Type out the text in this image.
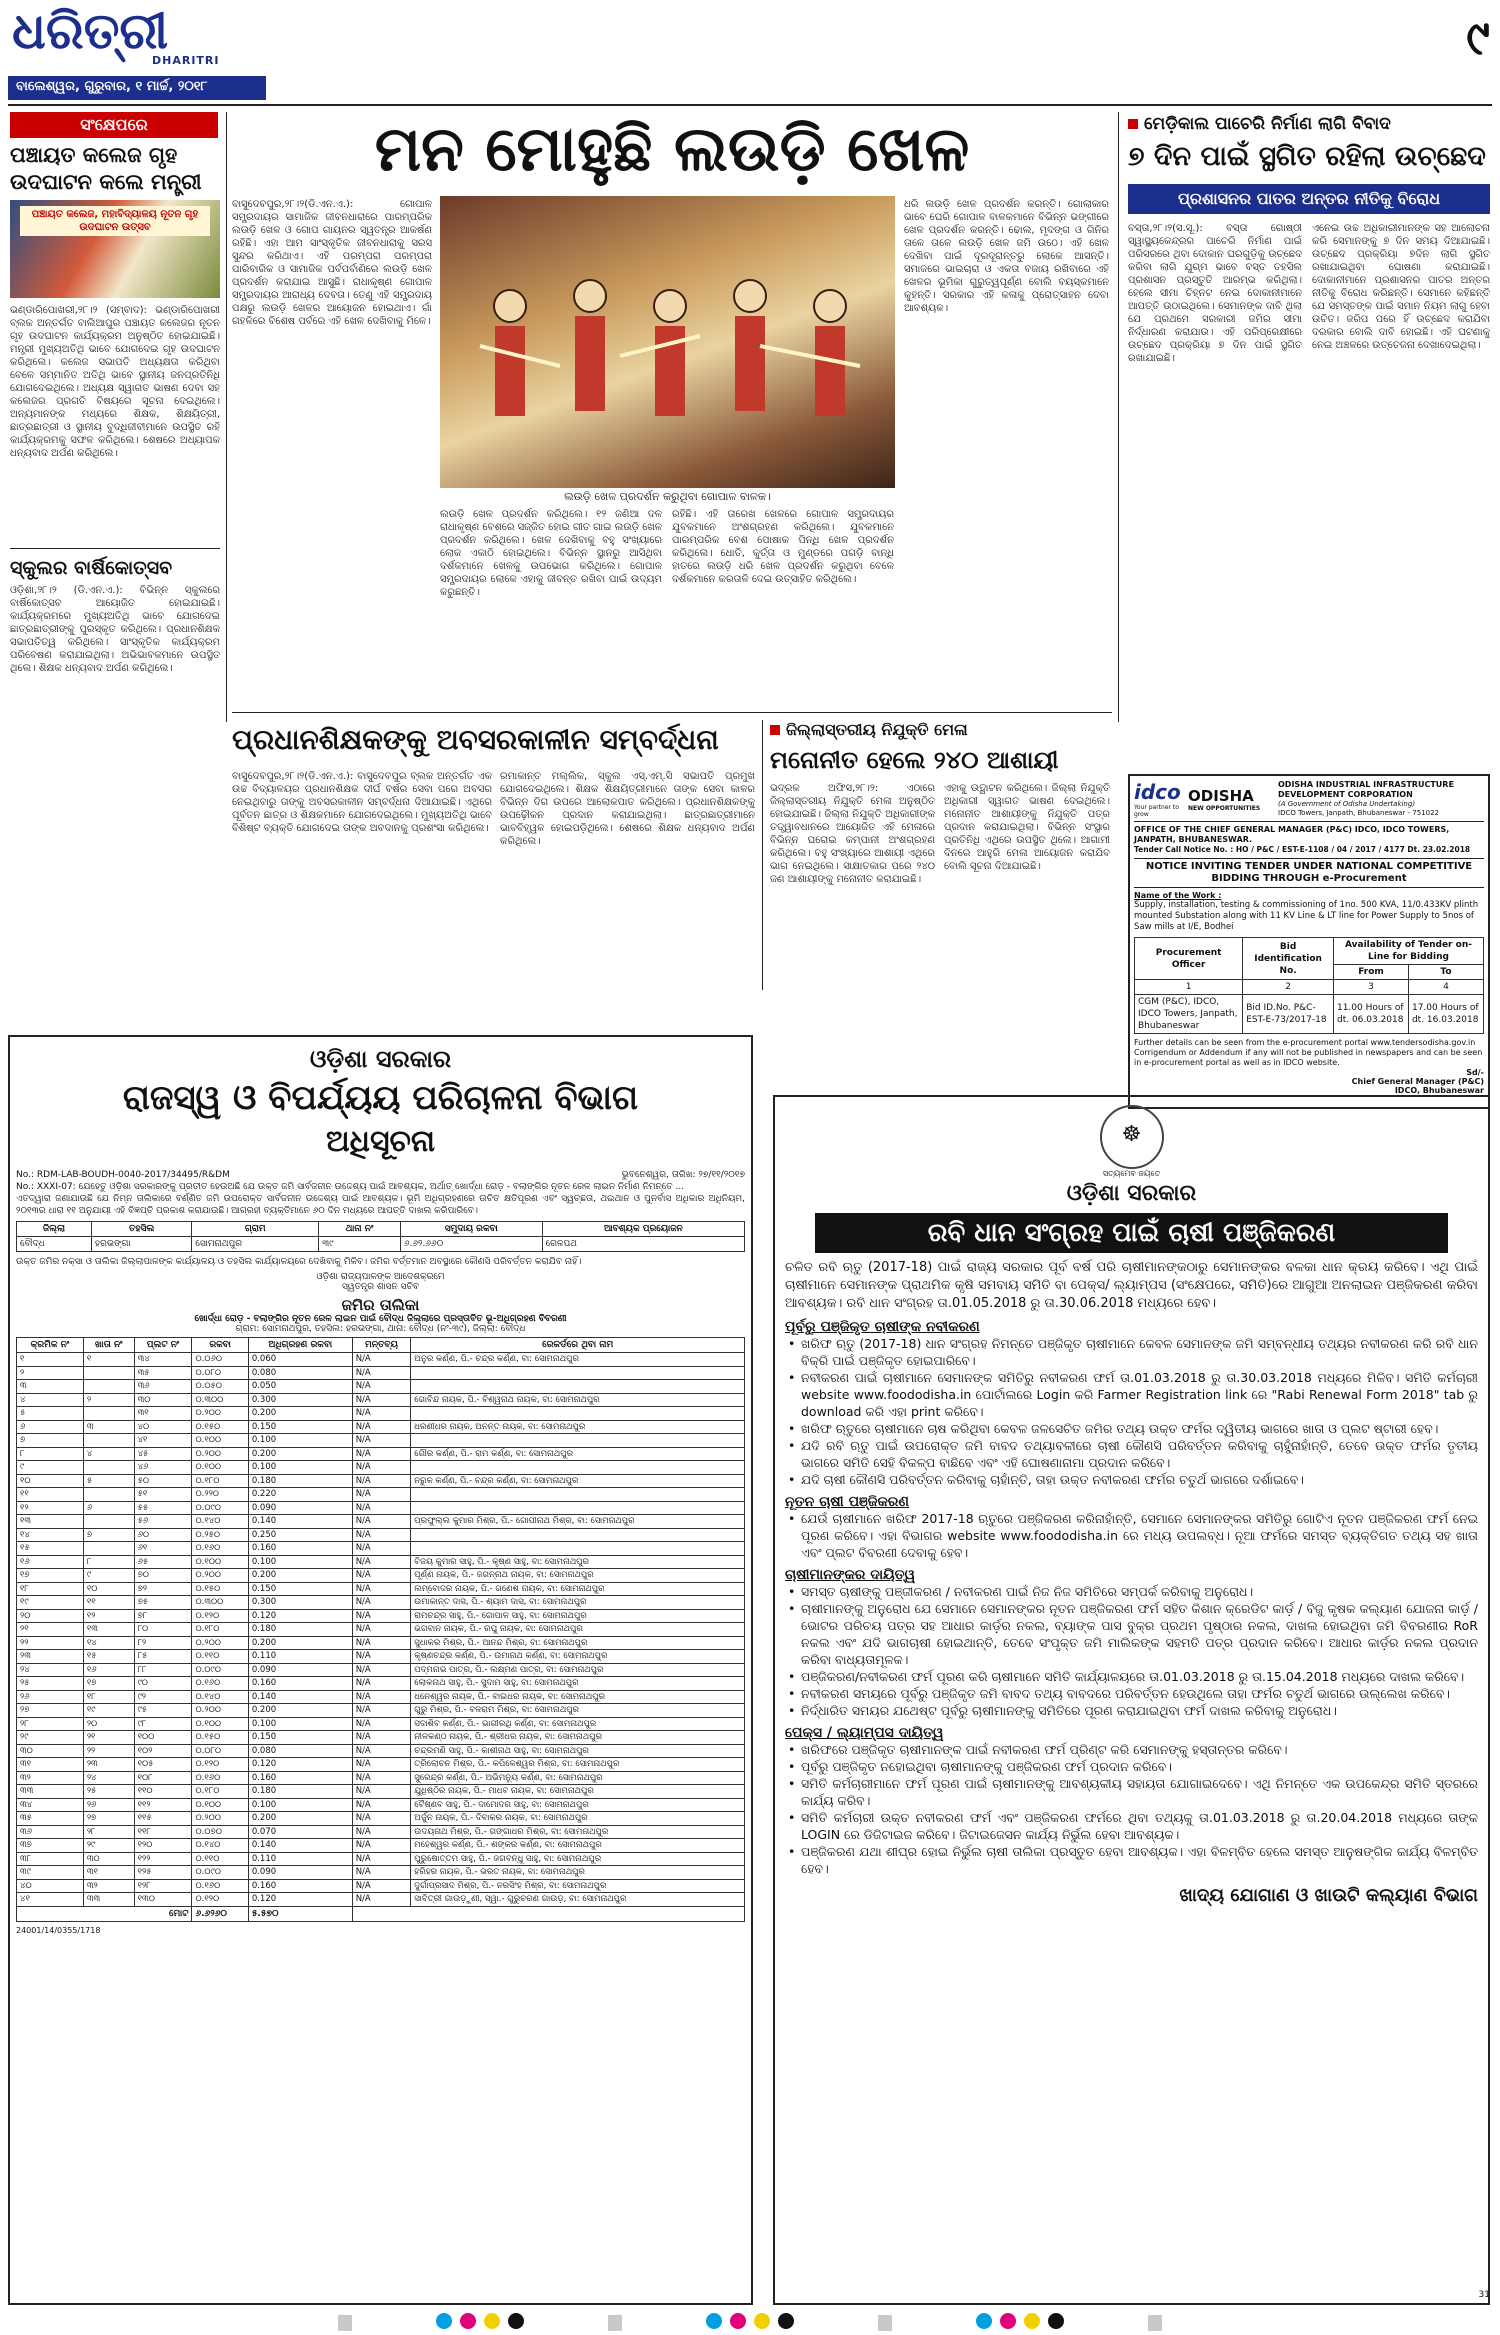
ଧରିତ୍ରୀ
DHARITRI
ବାଲେଶ୍ୱର, ଗୁରୁବାର, ୧ ମାର୍ଚ୍ଚ, ୨୦୧୮
୯
ସଂକ୍ଷେପରେ
ପଞ୍ଚାୟତ କଲେଜ ଗୃହ ଉଦଘାଟନ କଲେ ମନ୍ତ୍ରୀ
ପଞ୍ଚାୟତ କଲେଜ, ମହାବିଦ୍ୟାଳୟ ନୂତନ ଗୃହ ଉଦଘାଟନ ଉତ୍ସବ
ଭଣ୍ଡାରିପୋଖରୀ,୨୮।୨ (ସମ୍ବାଦ): ଭଣ୍ଡାରିପୋଖରୀ ବ୍ଲକ ଅନ୍ତର୍ଗତ ବାଲିଆପୁର ପଞ୍ଚାୟତ କଲେଜର ନୂତନ ଗୃହ ଉଦଘାଟନ କାର୍ଯ୍ୟକ୍ରମ ଅନୁଷ୍ଠିତ ହୋଇଯାଇଛି। ମନ୍ତ୍ରୀ ମୁଖ୍ୟଅତିଥି ଭାବେ ଯୋଗଦେଇ ଗୃହ ଉଦଘାଟନ କରିଥିଲେ। କଲେଜ ସଭାପତି ଅଧ୍ୟକ୍ଷତା କରିଥିବା ବେଳେ ସମ୍ମାନିତ ଅତିଥି ଭାବେ ସ୍ଥାନୀୟ ଜନପ୍ରତିନିଧି ଯୋଗଦେଇଥିଲେ। ଅଧ୍ୟକ୍ଷ ସ୍ୱାଗତ ଭାଷଣ ଦେବା ସହ କଲେଜର ପ୍ରଗତି ବିଷୟରେ ସୂଚନା ଦେଇଥିଲେ। ଅନ୍ୟମାନଙ୍କ ମଧ୍ୟରେ ଶିକ୍ଷକ, ଶିକ୍ଷୟିତ୍ରୀ, ଛାତ୍ରଛାତ୍ରୀ ଓ ସ୍ଥାନୀୟ ବୁଦ୍ଧିଜୀବୀମାନେ ଉପସ୍ଥିତ ରହି କାର୍ଯ୍ୟକ୍ରମକୁ ସଫଳ କରିଥିଲେ। ଶେଷରେ ଅଧ୍ୟାପକ ଧନ୍ୟବାଦ ଅର୍ପଣ କରିଥିଲେ।
ସ୍କୁଲର ବାର୍ଷିକୋତ୍ସବ
ଓଡ଼ିଶା,୨୮।୨ (ଡି.ଏନ.ଏ.): ବିଭିନ୍ନ ସ୍କୁଲରେ ବାର୍ଷିକୋତ୍ସବ ଆୟୋଜିତ ହୋଇଯାଇଛି। କାର୍ଯ୍ୟକ୍ରମରେ ମୁଖ୍ୟଅତିଥି ଭାବେ ଯୋଗଦେଇ ଛାତ୍ରଛାତ୍ରୀଙ୍କୁ ପୁରସ୍କୃତ କରିଥିଲେ। ପ୍ରଧାନଶିକ୍ଷକ ସଭାପତିତ୍ୱ କରିଥିଲେ। ସାଂସ୍କୃତିକ କାର୍ଯ୍ୟକ୍ରମ ପରିବେଷଣ କରାଯାଇଥିଲା। ଅଭିଭାବକମାନେ ଉପସ୍ଥିତ ଥିଲେ। ଶିକ୍ଷକ ଧନ୍ୟବାଦ ଅର୍ପଣ କରିଥିଲେ।
ମନ ମୋହୁଛି ଲଉଡ଼ି ଖେଳ
ବାସୁଦେବପୁର,୨୮।୨(ଡି.ଏନ.ଏ.): ଗୋପାଳ ସମ୍ପ୍ରଦାୟର ସାମାଜିକ ଜୀବନଧାରାରେ ପାରମ୍ପରିକ ଲଉଡ଼ି ଖେଳ ଓ ଗୋପ ଗାୟନର ସ୍ୱତନ୍ତ୍ର ଆକର୍ଷଣ ରହିଛି। ଏହା ଆମ ସାଂସ୍କୃତିକ ଜୀବନଧାରାକୁ ସରସ ସୁନ୍ଦର କରିଥାଏ। ଏହି ପରମ୍ପରା ପରମ୍ପରା ପାରିବାରିକ ଓ ସାମାଜିକ ପର୍ବପର୍ବାଣିରେ ଲଉଡ଼ି ଖେଳ ପ୍ରଦର୍ଶନ କରାଯାଇ ଆସୁଛି। ରାଧାକୃଷ୍ଣ ଗୋପାଳ ସମ୍ପ୍ରଦାୟର ଆରାଧ୍ୟ ଦେବତା। ତେଣୁ ଏହି ସମ୍ପ୍ରଦାୟ ପକ୍ଷରୁ ଲଉଡ଼ି ଖେଳର ଆୟୋଜନ ହୋଇଥାଏ। ଗାଁ ଗହଳିରେ ବିଶେଷ ପର୍ବରେ ଏହି ଖେଳ ଦେଖିବାକୁ ମିଳେ।
ଲଉଡ଼ି ଖେଳ ପ୍ରଦର୍ଶନ କରୁଥିବା ଗୋପାଳ ବାଳକ।
ଲଉଡ଼ି ଖେଳ ପ୍ରଦର୍ଶନ କରିଥିଲେ। ୧୨ ଜଣିଆ ଦଳ ରାଧାକୃଷ୍ଣ ବେଶରେ ସଜ୍ଜିତ ହୋଇ ଗୀତ ଗାଇ ଲଉଡ଼ି ଖେଳ ପ୍ରଦର୍ଶନ କରିଥିଲେ। ଖେଳ ଦେଖିବାକୁ ବହୁ ସଂଖ୍ୟାରେ ଲୋକ ଏକାଠି ହୋଇଥିଲେ। ବିଭିନ୍ନ ସ୍ଥାନରୁ ଆସିଥିବା ଦର୍ଶକମାନେ ଖେଳକୁ ଉପଭୋଗ କରିଥିଲେ। ଗୋପାଳ ସମ୍ପ୍ରଦାୟର ଲୋକେ ଏହାକୁ ଜୀବନ୍ତ ରଖିବା ପାଇଁ ଉଦ୍ୟମ କରୁଛନ୍ତି।
ରହିଛି। ଏହି ତାରେଖ ଖେଳରେ ଗୋପାଳ ସମ୍ପ୍ରଦାୟର ଯୁବକମାନେ ଅଂଶଗ୍ରହଣ କରିଥିଲେ। ଯୁବକମାନେ ପାରମ୍ପରିକ ବେଶ ପୋଷାକ ପିନ୍ଧି ଖେଳ ପ୍ରଦର୍ଶନ କରିଥିଲେ। ଧୋତି, କୁର୍ତ୍ତା ଓ ମୁଣ୍ଡରେ ପଗଡ଼ି ବାନ୍ଧି ହାତରେ ଲଉଡ଼ି ଧରି ଖେଳ ପ୍ରଦର୍ଶନ କରୁଥିବା ବେଳେ ଦର୍ଶକମାନେ କରତାଳି ଦେଇ ଉତ୍ସାହିତ କରିଥିଲେ।
ଧରି ଲଉଡ଼ି ଖେଳ ପ୍ରଦର୍ଶନ କରନ୍ତି। ଗୋଲାକାର ଭାବେ ଘେରି ଗୋପାଳ ବାଳକମାନେ ବିଭିନ୍ନ ଭଙ୍ଗୀରେ ଖେଳ ପ୍ରଦର୍ଶନ କରନ୍ତି। ଢୋଲ, ମୃଦଙ୍ଗ ଓ ଗିନିର ତାଳେ ତାଳେ ଲଉଡ଼ି ଖେଳ ଜମି ଉଠେ। ଏହି ଖେଳ ଦେଖିବା ପାଇଁ ଦୂରଦୂରାନ୍ତରୁ ଲୋକେ ଆସନ୍ତି। ସମାଜରେ ଭାଇଚାରା ଓ ଏକତା ବଜାୟ ରଖିବାରେ ଏହି ଖେଳର ଭୂମିକା ଗୁରୁତ୍ୱପୂର୍ଣ୍ଣ ବୋଲି ବୟସ୍କମାନେ କୁହନ୍ତି। ସରକାର ଏହି କଳାକୁ ପ୍ରୋତ୍ସାହନ ଦେବା ଆବଶ୍ୟକ।
ମେଡ଼ିକାଲ ପାଚେରି ନିର୍ମାଣ ଲାଗି ବିବାଦ
୭ ଦିନ ପାଇଁ ସ୍ଥଗିତ ରହିଲା ଉଚ୍ଛେଦ
ପ୍ରଶାସନର ପାତର ଅନ୍ତର ନୀତିକୁ ବିରୋଧ
ବସ୍ତା,୨୮।୨(ସ.ସୂ.): ବସ୍ତା ଗୋଷ୍ଠୀ ସ୍ୱାସ୍ଥ୍ୟକେନ୍ଦ୍ରର ପାଚେରି ନିର୍ମାଣ ପାଇଁ ପରିସରରେ ଥିବା ଦୋକାନ ଘରଗୁଡ଼ିକୁ ଉଚ୍ଛେଦ କରିବା ଲାଗି ଯୁଗ୍ମ ଭାବେ ବସ୍ତ ତହସିଲ ପ୍ରଶାସନ ପ୍ରସ୍ତୁତି ଆରମ୍ଭ କରିଥିଲା। ହେଲେ ସୀମା ଚିହ୍ନଟ ନେଇ ଦୋକାନୀମାନେ ଆପତ୍ତି ଉଠାଇଥିଲେ। ସେମାନଙ୍କ ଦାବି ଥିଲା ଯେ ପ୍ରଥମେ ସରକାରୀ ଜମିର ସୀମା ନିର୍ଦ୍ଧାରଣ କରାଯାଉ। ଏହି ପରିପ୍ରେକ୍ଷୀରେ ଉଚ୍ଛେଦ ପ୍ରକ୍ରିୟା ୭ ଦିନ ପାଇଁ ସ୍ଥଗିତ ରଖାଯାଇଛି।
ଏନେଇ ଉଚ୍ଚ ଅଧିକାରୀମାନଙ୍କ ସହ ଆଲୋଚନା କରି ସେମାନଙ୍କୁ ୭ ଦିନ ସମୟ ଦିଆଯାଇଛି। ଉଚ୍ଛେଦ ପ୍ରକ୍ରିୟା ୭ଦିନ ଲାଗି ସ୍ଥଗିତ ରଖାଯାଇଥିବା ଘୋଷଣା କରାଯାଇଛି। ଦୋକାନୀମାନେ ପ୍ରଶାସନର ପାତର ଅନ୍ତର ନୀତିକୁ ବିରୋଧ କରିଛନ୍ତି। ସେମାନେ କହିଛନ୍ତି ଯେ ସମସ୍ତଙ୍କ ପାଇଁ ସମାନ ନିୟମ ଲାଗୁ ହେବା ଉଚିତ। ଜରିପ ପରେ ହିଁ ଉଚ୍ଛେଦ କରାଯିବା ଦରକାର ବୋଲି ଦାବି ହୋଇଛି। ଏହି ଘଟଣାକୁ ନେଇ ଅଞ୍ଚଳରେ ଉତ୍ତେଜନା ଦେଖାଦେଇଥିଲା।
ପ୍ରଧାନଶିକ୍ଷକଙ୍କୁ ଅବସରକାଳୀନ ସମ୍ବର୍ଦ୍ଧନା
ବାସୁଦେବପୁର,୨୮।୨(ଡି.ଏନ.ଏ.): ବାସୁଦେବପୁର ବ୍ଲକ ଅନ୍ତର୍ଗତ ଏକ ଉଚ୍ଚ ବିଦ୍ୟାଳୟର ପ୍ରଧାନଶିକ୍ଷକ ଦୀର୍ଘ ବର୍ଷର ସେବା ପରେ ଅବସର ନେଇଥିବାରୁ ତାଙ୍କୁ ଅବସରକାଳୀନ ସମ୍ବର୍ଦ୍ଧନା ଦିଆଯାଇଛି। ଏଥିରେ ପୂର୍ବତନ ଛାତ୍ର ଓ ଶିକ୍ଷକମାନେ ଯୋଗଦେଇଥିଲେ। ମୁଖ୍ୟଅତିଥି ଭାବେ ବିଶିଷ୍ଟ ବ୍ୟକ୍ତି ଯୋଗଦେଇ ତାଙ୍କ ଅବଦାନକୁ ପ୍ରଶଂସା କରିଥିଲେ।
ରମାକାନ୍ତ ମଲ୍ଲିକ, ସ୍କୁଲ ଏସ୍.ଏମ୍.ସି ସଭାପତି ପ୍ରମୁଖ ଯୋଗଦେଇଥିଲେ। ଶିକ୍ଷକ ଶିକ୍ଷୟିତ୍ରୀମାନେ ତାଙ୍କ ସେବା କାଳର ବିଭିନ୍ନ ଦିଗ ଉପରେ ଆଲୋକପାତ କରିଥିଲେ। ପ୍ରଧାନଶିକ୍ଷକଙ୍କୁ ଉପଢ଼ୌକନ ପ୍ରଦାନ କରାଯାଇଥିଲା। ଛାତ୍ରଛାତ୍ରୀମାନେ ଭାବବିହ୍ୱଳ ହୋଇପଡ଼ିଥିଲେ। ଶେଷରେ ଶିକ୍ଷକ ଧନ୍ୟବାଦ ଅର୍ପଣ କରିଥିଲେ।
ଜିଲ୍ଲାସ୍ତରୀୟ ନିଯୁକ୍ତି ମେଳା
ମନୋନୀତ ହେଲେ ୨୪୦ ଆଶାୟୀ
ଭଦ୍ରକ ଅଫିସ,୨୮।୨: ଏଠାରେ ଜିଲ୍ଲାସ୍ତରୀୟ ନିଯୁକ୍ତି ମେଳା ଅନୁଷ୍ଠିତ ହୋଇଯାଇଛି। ଜିଲ୍ଲା ନିଯୁକ୍ତି ଅଧିକାରୀଙ୍କ ତତ୍ତ୍ୱାବଧାନରେ ଆୟୋଜିତ ଏହି ମେଳାରେ ବିଭିନ୍ନ ଘରୋଇ କମ୍ପାନୀ ଅଂଶଗ୍ରହଣ କରିଥିଲେ। ବହୁ ସଂଖ୍ୟାରେ ଆଶାୟୀ ଏଥିରେ ଭାଗ ନେଇଥିଲେ। ସାକ୍ଷାତକାର ପରେ ୨୪୦ ଜଣ ଆଶାୟୀଙ୍କୁ ମନୋନୀତ କରାଯାଇଛି।
ଏହାକୁ ଉଦ୍ଘାଟନ କରିଥିଲେ। ଜିଲ୍ଲା ନିଯୁକ୍ତି ଅଧିକାରୀ ସ୍ୱାଗତ ଭାଷଣ ଦେଇଥିଲେ। ମନୋନୀତ ଆଶାୟୀଙ୍କୁ ନିଯୁକ୍ତି ପତ୍ର ପ୍ରଦାନ କରାଯାଇଥିଲା। ବିଭିନ୍ନ ସଂସ୍ଥାର ପ୍ରତିନିଧି ଏଥିରେ ଉପସ୍ଥିତ ଥିଲେ। ଆଗାମୀ ଦିନରେ ଆହୁରି ମେଳା ଆୟୋଜନ କରାଯିବ ବୋଲି ସୂଚନା ଦିଆଯାଇଛି।
idco
Your partner to grow
ODISHA
NEW OPPORTUNITIES
ODISHA INDUSTRIAL INFRASTRUCTURE DEVELOPMENT CORPORATION
(A Government of Odisha Undertaking)
IDCO Towers, Janpath, Bhubaneswar - 751022
OFFICE OF THE CHIEF GENERAL MANAGER (P&C) IDCO, IDCO TOWERS, JANPATH, BHUBANESWAR.
Tender Call Notice No. : HO / P&C / EST-E-1108 / 04 / 2017 / 4177 Dt. 23.02.2018
NOTICE INVITING TENDER UNDER NATIONAL COMPETITIVE BIDDING THROUGH e-Procurement
Name of the Work :
Supply, installation, testing & commissioning of 1no. 500 KVA, 11/0.433KV plinth mounted Substation along with 11 KV Line & LT line for Power Supply to 5nos of Saw mills at I/E, Bodhei
Procurement Officer	Bid Identification No.	Availability of Tender on-Line for Bidding	
		From	To
1	2	3	4
CGM (P&C), IDCO, IDCO Towers, Janpath, Bhubaneswar	Bid ID.No. P&C-EST-E-73/2017-18	11.00 Hours of dt. 06.03.2018	17.00 Hours of dt. 16.03.2018
Further details can be seen from the e-procurement portal www.tendersodisha.gov.in Corrigendum or Addendum if any will not be published in newspapers and can be seen in e-procurement portal as well as in IDCO website.
Sd/-
Chief General Manager (P&C)
IDCO, Bhubaneswar
ଓଡ଼ିଶା ସରକାର
ରାଜସ୍ୱ ଓ ବିପର୍ଯ୍ୟୟ ପରିଚାଳନା ବିଭାଗ
ଅଧିସୂଚନା
No.: RDM-LAB-BOUDH-0040-2017/34495/R&DM	ଭୁବନେଶ୍ୱର, ତାରିଖ: ୨୭/୧୧/୨୦୧୭
No.: XXXI-07: ଯେହେତୁ ଓଡ଼ିଶା ସରକାରଙ୍କୁ ପ୍ରତୀତ ହେଉଅଛି ଯେ ଉକ୍ତ ଜମି ସାର୍ବଜନୀନ ଉଦ୍ଦେଶ୍ୟ ପାଇଁ ଆବଶ୍ୟକ, ଅର୍ଥାତ୍ ଖୋର୍ଦ୍ଧା ରୋଡ଼ - ବଲାଙ୍ଗିର ନୂତନ ରେଳ ଲାଇନ ନିର୍ମାଣ ନିମନ୍ତେ ...
ଏତଦ୍ୱାରା ଜଣାଯାଉଛି ଯେ ନିମ୍ନ ତାଲିକାରେ ବର୍ଣ୍ଣିତ ଜମି ଉପରୋକ୍ତ ସାର୍ବଜନୀନ ଉଦ୍ଦେଶ୍ୟ ପାଇଁ ଆବଶ୍ୟକ। ଭୂମି ଅଧିଗ୍ରହଣରେ ଉଚିତ କ୍ଷତିପୂରଣ ଏବଂ ସ୍ୱଚ୍ଛତା, ଥଇଥାନ ଓ ପୁନର୍ବାସ ଅଧିକାର ଅଧିନିୟମ, ୨୦୧୩ର ଧାରା ୧୧ ଅନୁଯାୟୀ ଏହି ବିଜ୍ଞପ୍ତି ପ୍ରକାଶ କରାଯାଉଛି। ଆଗ୍ରହୀ ବ୍ୟକ୍ତିମାନେ ୬୦ ଦିନ ମଧ୍ୟରେ ଆପତ୍ତି ଦାଖଲ କରିପାରିବେ।
ଜିଲ୍ଲା	ତହସିଲ	ଗ୍ରାମ	ଥାନା ନଂ	ସମୁଦାୟ ରକବା	ଆବଶ୍ୟକ ପ୍ରୟୋଜନ
ବୌଦ୍ଧ	ହରଭଙ୍ଗା	ସୋମନାଥପୁର	୩୯	୬.୬୨.୬୬୦	ରେଳପଥ
ଉକ୍ତ ଜମିର ନକ୍ସା ଓ ତାଲିକା ଜିଲ୍ଲାପାଳଙ୍କ କାର୍ଯ୍ୟାଳୟ ଓ ତହସିଲ କାର୍ଯ୍ୟାଳୟରେ ଦେଖିବାକୁ ମିଳିବ। ଜମିର ବର୍ତ୍ତମାନ ଅବସ୍ଥାରେ କୌଣସି ପରିବର୍ତ୍ତନ କରାଯିବ ନାହିଁ।
ଓଡ଼ିଶା ରାଜ୍ୟପାଳଙ୍କ ଆଦେଶକ୍ରମେ
ସ୍ୱତନ୍ତ୍ର ଶାସନ ସଚିବ
ଜମିର ତାଲିକା
ଖୋର୍ଦ୍ଧା ରୋଡ଼ - ବଲାଙ୍ଗିର ନୂତନ ରେଳ ଲାଇନ ପାଇଁ ବୌଦ୍ଧ ଜିଲ୍ଲାରେ ପ୍ରସ୍ତାବିତ ଭୂ-ଅଧିଗ୍ରହଣ ବିବରଣୀ
ଗ୍ରାମ: ସୋମନାଥପୁର, ତହସିଲ: ହରଭଙ୍ଗା, ଥାନା: ବୌଦ୍ଧ (ନଂ-୩୯), ଜିଲ୍ଲା: ବୌଦ୍ଧ
କ୍ରମିକ ନଂ	ଖାତା ନଂ	ପ୍ଲଟ ନଂ	ରକବା	ଅଧିଗ୍ରହଣ ରକବା	ମନ୍ତବ୍ୟ	ରେକର୍ଡରେ ଥିବା ନାମ
୧	୧	୩୪	୦.୦୬୦	0.060	N/A	ଅନୁର କର୍ଣ୍ଣ, ପି.- ଚନ୍ଦ୍ର କର୍ଣ୍ଣ, ବା: ସୋମନାଥପୁର
୨		୩୫	୦.୦୮୦	0.080	N/A	
୩		୩୬	୦.୦୫୦	0.050	N/A	
୪	୨	୩୦	୦.୩୦୦	0.300	N/A	ଗୋବିନ୍ଦ ନାୟକ, ପି.- ବିଶ୍ୱନାଥ ନାୟକ, ବା: ସୋମନାଥପୁର
୫		୩୧	୦.୨୦୦	0.200	N/A	
୬	୩	୪୦	୦.୧୫୦	0.150	N/A	ଧରଣୀଧର ନାୟକ, ଅନନ୍ତ ନାୟକ, ବା: ସୋମନାଥପୁର
୭		୪୧	୦.୧୦୦	0.100	N/A	
୮	୪	୪୫	୦.୨୦୦	0.200	N/A	ଗୌର କର୍ଣ୍ଣ, ପି.- ରାମ କର୍ଣ୍ଣ, ବା: ସୋମନାଥପୁର
୯		୪୬	୦.୧୦୦	0.100	N/A	
୧୦	୫	୫୦	୦.୧୮୦	0.180	N/A	ନରୁଳ କର୍ଣ୍ଣ, ପି.- ଚନ୍ଦ୍ର କର୍ଣ୍ଣ, ବା: ସୋମନାଥପୁର
୧୧		୫୧	୦.୨୨୦	0.220	N/A	
୧୨	୬	୫୫	୦.୦୯୦	0.090	N/A	
୧୩		୫୬	୦.୧୪୦	0.140	N/A	ପ୍ରଫୁଲ୍ଲ କୁମାର ମିଶ୍ର, ପି.- ଗୋପୀନାଥ ମିଶ୍ର, ବା: ସୋମନାଥପୁର
୧୪	୭	୬୦	୦.୨୫୦	0.250	N/A	
୧୫		୬୧	୦.୧୬୦	0.160	N/A	
୧୬	୮	୬୫	୦.୧୦୦	0.100	N/A	ବିଜୟ କୁମାର ସାହୁ, ପି.- କୃଷ୍ଣ ସାହୁ, ବା: ସୋମନାଥପୁର
୧୭	୯	୭୦	୦.୨୦୦	0.200	N/A	ପୂର୍ଣ୍ଣ ନାୟକ, ପି.- ଜଗନ୍ନାଥ ନାୟକ, ବା: ସୋମନାଥପୁର
୧୮	୧୦	୭୨	୦.୧୫୦	0.150	N/A	ଲମ୍ବୋଦର ନାୟକ, ପି.- ଗଣେଶ ନାୟକ, ବା: ସୋମନାଥପୁର
୧୯	୧୧	୭୫	୦.୩୦୦	0.300	N/A	ଉମାକାନ୍ତ ଦାସ, ପି.- ଶ୍ୟାମ ଦାସ, ବା: ସୋମନାଥପୁର
୨୦	୧୨	୭୮	୦.୧୨୦	0.120	N/A	ରାମଚନ୍ଦ୍ର ସାହୁ, ପି.- ଗୋପାଳ ସାହୁ, ବା: ସୋମନାଥପୁର
୨୧	୧୩	୮୦	୦.୧୮୦	0.180	N/A	ଭଗବାନ ନାୟକ, ପି.- ରଘୁ ନାୟକ, ବା: ସୋମନାଥପୁର
୨୨	୧୪	୮୨	୦.୨୦୦	0.200	N/A	ସୁଧାକର ମିଶ୍ର, ପି.- ଆନନ୍ଦ ମିଶ୍ର, ବା: ସୋମନାଥପୁର
୨୩	୧୫	୮୫	୦.୧୧୦	0.110	N/A	କୃଷ୍ଣଚନ୍ଦ୍ର କର୍ଣ୍ଣ, ପି.- ଉମାନାଥ କର୍ଣ୍ଣ, ବା: ସୋମନାଥପୁର
୨୪	୧୬	୮୮	୦.୦୯୦	0.090	N/A	ପଦ୍ମନାଭ ପାତ୍ର, ପି.- ଲକ୍ଷ୍ମଣ ପାତ୍ର, ବା: ସୋମନାଥପୁର
୨୫	୧୭	୯୦	୦.୧୬୦	0.160	N/A	ଲୋକନାଥ ସାହୁ, ପି.- ସୁଦାମ ସାହୁ, ବା: ସୋମନାଥପୁର
୨୬	୧୮	୯୨	୦.୧୪୦	0.140	N/A	ଧନେଶ୍ୱର ନାୟକ, ପି.- ବାଇଧର ନାୟକ, ବା: ସୋମନାଥପୁର
୨୭	୧୯	୯୫	୦.୨୦୦	0.200	N/A	ଗୁରୁ ମିଶ୍ର, ପି.- ବଳରାମ ମିଶ୍ର, ବା: ସୋମନାଥପୁର
୨୮	୨୦	୯୮	୦.୧୦୦	0.100	N/A	ସଦାଶିବ କର୍ଣ୍ଣ, ପି.- ଭାଗୀରଥି କର୍ଣ୍ଣ, ବା: ସୋମନାଥପୁର
୨୯	୨୧	୧୦୦	୦.୧୫୦	0.150	N/A	ନୀଳକଣ୍ଠ ନାୟକ, ପି.- ଶ୍ରୀଧର ନାୟକ, ବା: ସୋମନାଥପୁର
୩୦	୨୨	୧୦୨	୦.୦୮୦	0.080	N/A	ଚନ୍ଦ୍ରମଣି ସାହୁ, ପି.- କାଶୀନାଥ ସାହୁ, ବା: ସୋମନାଥପୁର
୩୧	୨୩	୧୦୫	୦.୧୨୦	0.120	N/A	ତ୍ରିଲୋଚନ ମିଶ୍ର, ପି.- କପିଳେଶ୍ୱର ମିଶ୍ର, ବା: ସୋମନାଥପୁର
୩୨	୨୪	୧୦୮	୦.୧୬୦	0.160	N/A	ସୁରେନ୍ଦ୍ର କର୍ଣ୍ଣ, ପି.- ଅଭିମନ୍ୟୁ କର୍ଣ୍ଣ, ବା: ସୋମନାଥପୁର
୩୩	୨୫	୧୧୦	୦.୧୮୦	0.180	N/A	ଯୁଧିଷ୍ଠିର ନାୟକ, ପି.- ମାଧବ ନାୟକ, ବା: ସୋମନାଥପୁର
୩୪	୨୬	୧୧୨	୦.୧୦୦	0.100	N/A	ବୈଷ୍ଣବ ସାହୁ, ପି.- ଦାମୋଦର ସାହୁ, ବା: ସୋମନାଥପୁର
୩୫	୨୭	୧୧୫	୦.୨୦୦	0.200	N/A	ଅର୍ଜୁନ ନାୟକ, ପି.- ଦିବାକର ନାୟକ, ବା: ସୋମନାଥପୁର
୩୬	୨୮	୧୧୮	୦.୦୭୦	0.070	N/A	ଉଦୟନାଥ ମିଶ୍ର, ପି.- ଗଙ୍ଗାଧର ମିଶ୍ର, ବା: ସୋମନାଥପୁର
୩୭	୨୯	୧୨୦	୦.୧୪୦	0.140	N/A	ମହେଶ୍ୱର କର୍ଣ୍ଣ, ପି.- ଶଙ୍କର କର୍ଣ୍ଣ, ବା: ସୋମନାଥପୁର
୩୮	୩୦	୧୨୨	୦.୧୧୦	0.110	N/A	ପୁରୁଷୋତ୍ତମ ସାହୁ, ପି.- ଜଗବନ୍ଧୁ ସାହୁ, ବା: ସୋମନାଥପୁର
୩୯	୩୧	୧୨୫	୦.୦୯୦	0.090	N/A	ହରିହର ନାୟକ, ପି.- ଭରତ ନାୟକ, ବା: ସୋମନାଥପୁର
୪୦	୩୨	୧୨୮	୦.୧୬୦	0.160	N/A	ଦୁର୍ଗାପ୍ରସାଦ ମିଶ୍ର, ପି.- ନରସିଂହ ମିଶ୍ର, ବା: ସୋମନାଥପୁର
୪୧	୩୩	୧୩୦	୦.୧୨୦	0.120	N/A	ସାବିତ୍ରୀ ଗାଉଡ଼ୁଣୀ, ସ୍ୱା.- ଗୁରୁଚରଣ ଗାଉଡ଼, ବା: ସୋମନାଥପୁର
ମୋଟ			୬.୬୨୬୦	୫.୫୭୦		
24001/14/0355/1718
☸
ସତ୍ୟମେବ ଜୟତେ
ଓଡ଼ିଶା ସରକାର
ରବି ଧାନ ସଂଗ୍ରହ ପାଇଁ ଚାଷୀ ପଞ୍ଜିକରଣ
ଚଳିତ ରବି ଋତୁ (2017-18) ପାଇଁ ରାଜ୍ୟ ସରକାର ପୂର୍ବ ବର୍ଷ ପରି ଚାଷୀମାନଙ୍କଠାରୁ ସେମାନଙ୍କର ବଳକା ଧାନ କ୍ରୟ କରିବେ। ଏଥି ପାଇଁ ଚାଷୀମାନେ ସେମାନଙ୍କ ପ୍ରାଥମିକ କୃଷି ସମବାୟ ସମିତି ବା ପେକ୍ସ/ ଲ୍ୟାମ୍ପସ (ସଂକ୍ଷେପରେ, ସମିତି)ରେ ଆଗୁଆ ଅନଲାଇନ ପଞ୍ଜିକରଣ କରିବା ଆବଶ୍ୟକ। ରବି ଧାନ ସଂଗ୍ରହ ତା.01.05.2018 ରୁ ତା.30.06.2018 ମଧ୍ୟରେ ହେବ।
ପୂର୍ବରୁ ପଞ୍ଜିକୃତ ଚାଷୀଙ୍କ ନବୀକରଣ
• ଖରିଫ ଋତୁ (2017-18) ଧାନ ସଂଗ୍ରହ ନିମନ୍ତେ ପଞ୍ଜିକୃତ ଚାଷୀମାନେ କେବଳ ସେମାନଙ୍କ ଜମି ସମ୍ବନ୍ଧୀୟ ତଥ୍ୟର ନବୀକରଣ କରି ରବି ଧାନ ବିକ୍ରି ପାଇଁ ପଞ୍ଜିକୃତ ହୋଇପାରିବେ।
• ନବୀକରଣ ପାଇଁ ଚାଷୀମାନେ ସେମାନଙ୍କ ସମିତିରୁ ନବୀକରଣ ଫର୍ମ ତା.01.03.2018 ରୁ ତା.30.03.2018 ମଧ୍ୟରେ ମିଳିବ। ସମିତି କର୍ମଚାରୀ website www.foododisha.in ପୋର୍ଟାଲରେ Login କରି Farmer Registration link ରେ "Rabi Renewal Form 2018" tab ରୁ download କରି ଏହା print କରିବେ।
• ଖରିଫ ଋତୁରେ ଚାଷୀମାନେ ଚାଷ କରିଥିବା କେବଳ ଜଳସେଚିତ ଜମିର ତଥ୍ୟ ଉକ୍ତ ଫର୍ମର ଦ୍ୱିତୀୟ ଭାଗରେ ଖାତା ଓ ପ୍ଲଟ ଷ୍ଟାରୀ ହେବ।
• ଯଦି ରବି ଋତୁ ପାଇଁ ଉପରୋକ୍ତ ଜମି ବାବଦ ତଥ୍ୟାବଳୀରେ ଚାଷୀ କୌଣସି ପରିବର୍ତ୍ତନ କରିବାକୁ ଚାହୁଁନାହାଁନ୍ତି, ତେବେ ଉକ୍ତ ଫର୍ମର ତୃତୀୟ ଭାଗରେ ସମିତି ସେହି ବିକଳ୍ପ ବାଛିବେ ଏବଂ ଏହି ଘୋଷଣାନାମା ପ୍ରଦାନ କରିବେ।
• ଯଦି ଚାଷୀ କୌଣସି ପରିବର୍ତ୍ତନ କରିବାକୁ ଚାହାଁନ୍ତି, ତାହା ଉକ୍ତ ନବୀକରଣ ଫର୍ମର ଚତୁର୍ଥ ଭାଗରେ ଦର୍ଶାଇବେ।
ନୂତନ ଚାଷୀ ପଞ୍ଜିକରଣ
• ଯେଉଁ ଚାଷୀମାନେ ଖରିଫ 2017-18 ଋତୁରେ ପଞ୍ଜିକରଣ କରିନାହାଁନ୍ତି, ସେମାନେ ସେମାନଙ୍କର ସମିତିରୁ ଗୋଟିଏ ନୂତନ ପଞ୍ଜିକରଣ ଫର୍ମ ନେଇ ପୂରଣ କରିବେ। ଏହା ବିଭାଗର website www.foododisha.in ରେ ମଧ୍ୟ ଉପଲବ୍ଧ। ନୂଆ ଫର୍ମରେ ସମସ୍ତ ବ୍ୟକ୍ତିଗତ ତଥ୍ୟ ସହ ଖାତା ଏବଂ ପ୍ଲଟ ବିବରଣୀ ଦେବାକୁ ହେବ।
ଚାଷୀମାନଙ୍କର ଦାୟିତ୍ୱ
• ସମସ୍ତ ଚାଷୀଙ୍କୁ ପଞ୍ଜୀକରଣ / ନବୀକରଣ ପାଇଁ ନିଜ ନିଜ ସମିତିରେ ସମ୍ପର୍କ କରିବାକୁ ଅନୁରୋଧ।
• ଚାଷୀମାନଙ୍କୁ ଅନୁରୋଧ ଯେ ସେମାନେ ସେମାନଙ୍କର ନୂତନ ପଞ୍ଜିକରଣ ଫର୍ମ ସହିତ କିଶାନ କ୍ରେଡିଟ କାର୍ଡ଼ / ବିଜୁ କୃଷକ କଲ୍ୟାଣ ଯୋଜନା କାର୍ଡ଼ / ଭୋଟର ପରିଚୟ ପତ୍ର ସହ ଆଧାର କାର୍ଡ଼ର ନକଲ, ବ୍ୟାଙ୍କ ପାସ ବୁକ୍ର ପ୍ରଥମ ପୃଷ୍ଠାର ନକଲ, ଦାଖଲ ହୋଇଥିବା ଜମି ବିବରଣୀର RoR ନକଲ ଏବଂ ଯଦି ଭାଗଚାଷୀ ହୋଇଥାନ୍ତି, ତେବେ ସଂପୃକ୍ତ ଜମି ମାଲିକଙ୍କ ସହମତି ପତ୍ର ପ୍ରଦାନ କରିବେ। ଆଧାର କାର୍ଡ଼ର ନକଲ ପ୍ରଦାନ କରିବା ବାଧ୍ୟତାମୂଳକ।
• ପଞ୍ଜିକରଣ/ନବୀକରଣ ଫର୍ମ ପୂରଣ କରି ଚାଷୀମାନେ ସମିତି କାର୍ଯ୍ୟାଳୟରେ ତା.01.03.2018 ରୁ ତା.15.04.2018 ମଧ୍ୟରେ ଦାଖଲ କରିବେ।
• ନବୀକରଣ ସମୟରେ ପୂର୍ବରୁ ପଞ୍ଜିକୃତ ଜମି ବାବଦ ତଥ୍ୟ ବାବଦରେ ପରିବର୍ତ୍ତନ ହେଉଥିଲେ ତାହା ଫର୍ମର ଚତୁର୍ଥ ଭାଗରେ ଉଲ୍ଲେଖ କରିବେ।
• ନିର୍ଦ୍ଧାରିତ ସମୟର ଯଥେଷ୍ଟ ପୂର୍ବରୁ ଚାଷୀମାନଙ୍କୁ ସମିତିରେ ପୂରଣ କରାଯାଇଥିବା ଫର୍ମ ଦାଖଲ କରିବାକୁ ଅନୁରୋଧ।
ପେକ୍ସ / ଲ୍ୟାମ୍ପସ ଦାୟିତ୍ୱ
• ଖରିଫରେ ପଞ୍ଜିକୃତ ଚାଷୀମାନଙ୍କ ପାଇଁ ନବୀକରଣ ଫର୍ମ ପ୍ରିଣ୍ଟ କରି ସେମାନଙ୍କୁ ହସ୍ତାନ୍ତର କରିବେ।
• ପୂର୍ବରୁ ପଞ୍ଜିକୃତ ନହୋଇଥିବା ଚାଷୀମାନଙ୍କୁ ପଞ୍ଜିକରଣ ଫର୍ମ ପ୍ରଦାନ କରିବେ।
• ସମିତି କର୍ମଚାରୀମାନେ ଫର୍ମ ପୂରଣ ପାଇଁ ଚାଷୀମାନଙ୍କୁ ଆବଶ୍ୟକୀୟ ସହାୟତା ଯୋଗାଇଦେବେ। ଏଥି ନିମନ୍ତେ ଏକ ଉପକେନ୍ଦ୍ର ସମିତି ସ୍ତରରେ କାର୍ଯ୍ୟ କରିବ।
• ସମିତି କର୍ମଚାରୀ ଉକ୍ତ ନବୀକରଣ ଫର୍ମ ଏବଂ ପଞ୍ଜିକରଣ ଫର୍ମରେ ଥିବା ତଥ୍ୟକୁ ତା.01.03.2018 ରୁ ତା.20.04.2018 ମଧ୍ୟରେ ତାଙ୍କ LOGIN ରେ ଡିଜିଟାଇଜ କରିବେ। ଜିଟାଇଜେସନ କାର୍ଯ୍ୟ ନିର୍ଭୁଲ ହେବା ଆବଶ୍ୟକ।
• ପଞ୍ଜିକରଣ ଯଥା ଶୀଘ୍ର ହୋଇ ନିର୍ଭୁଲ ଚାଷୀ ତାଲିକା ପ୍ରସ୍ତୁତ ହେବା ଆବଶ୍ୟକ। ଏହା ବିଳମ୍ବିତ ହେଲେ ସମସ୍ତ ଆନୁଷଙ୍ଗିକ କାର୍ଯ୍ୟ ବିଳମ୍ବିତ ହେବ।
ଖାଦ୍ୟ ଯୋଗାଣ ଓ ଖାଉଟି କଲ୍ୟାଣ ବିଭାଗ
31
